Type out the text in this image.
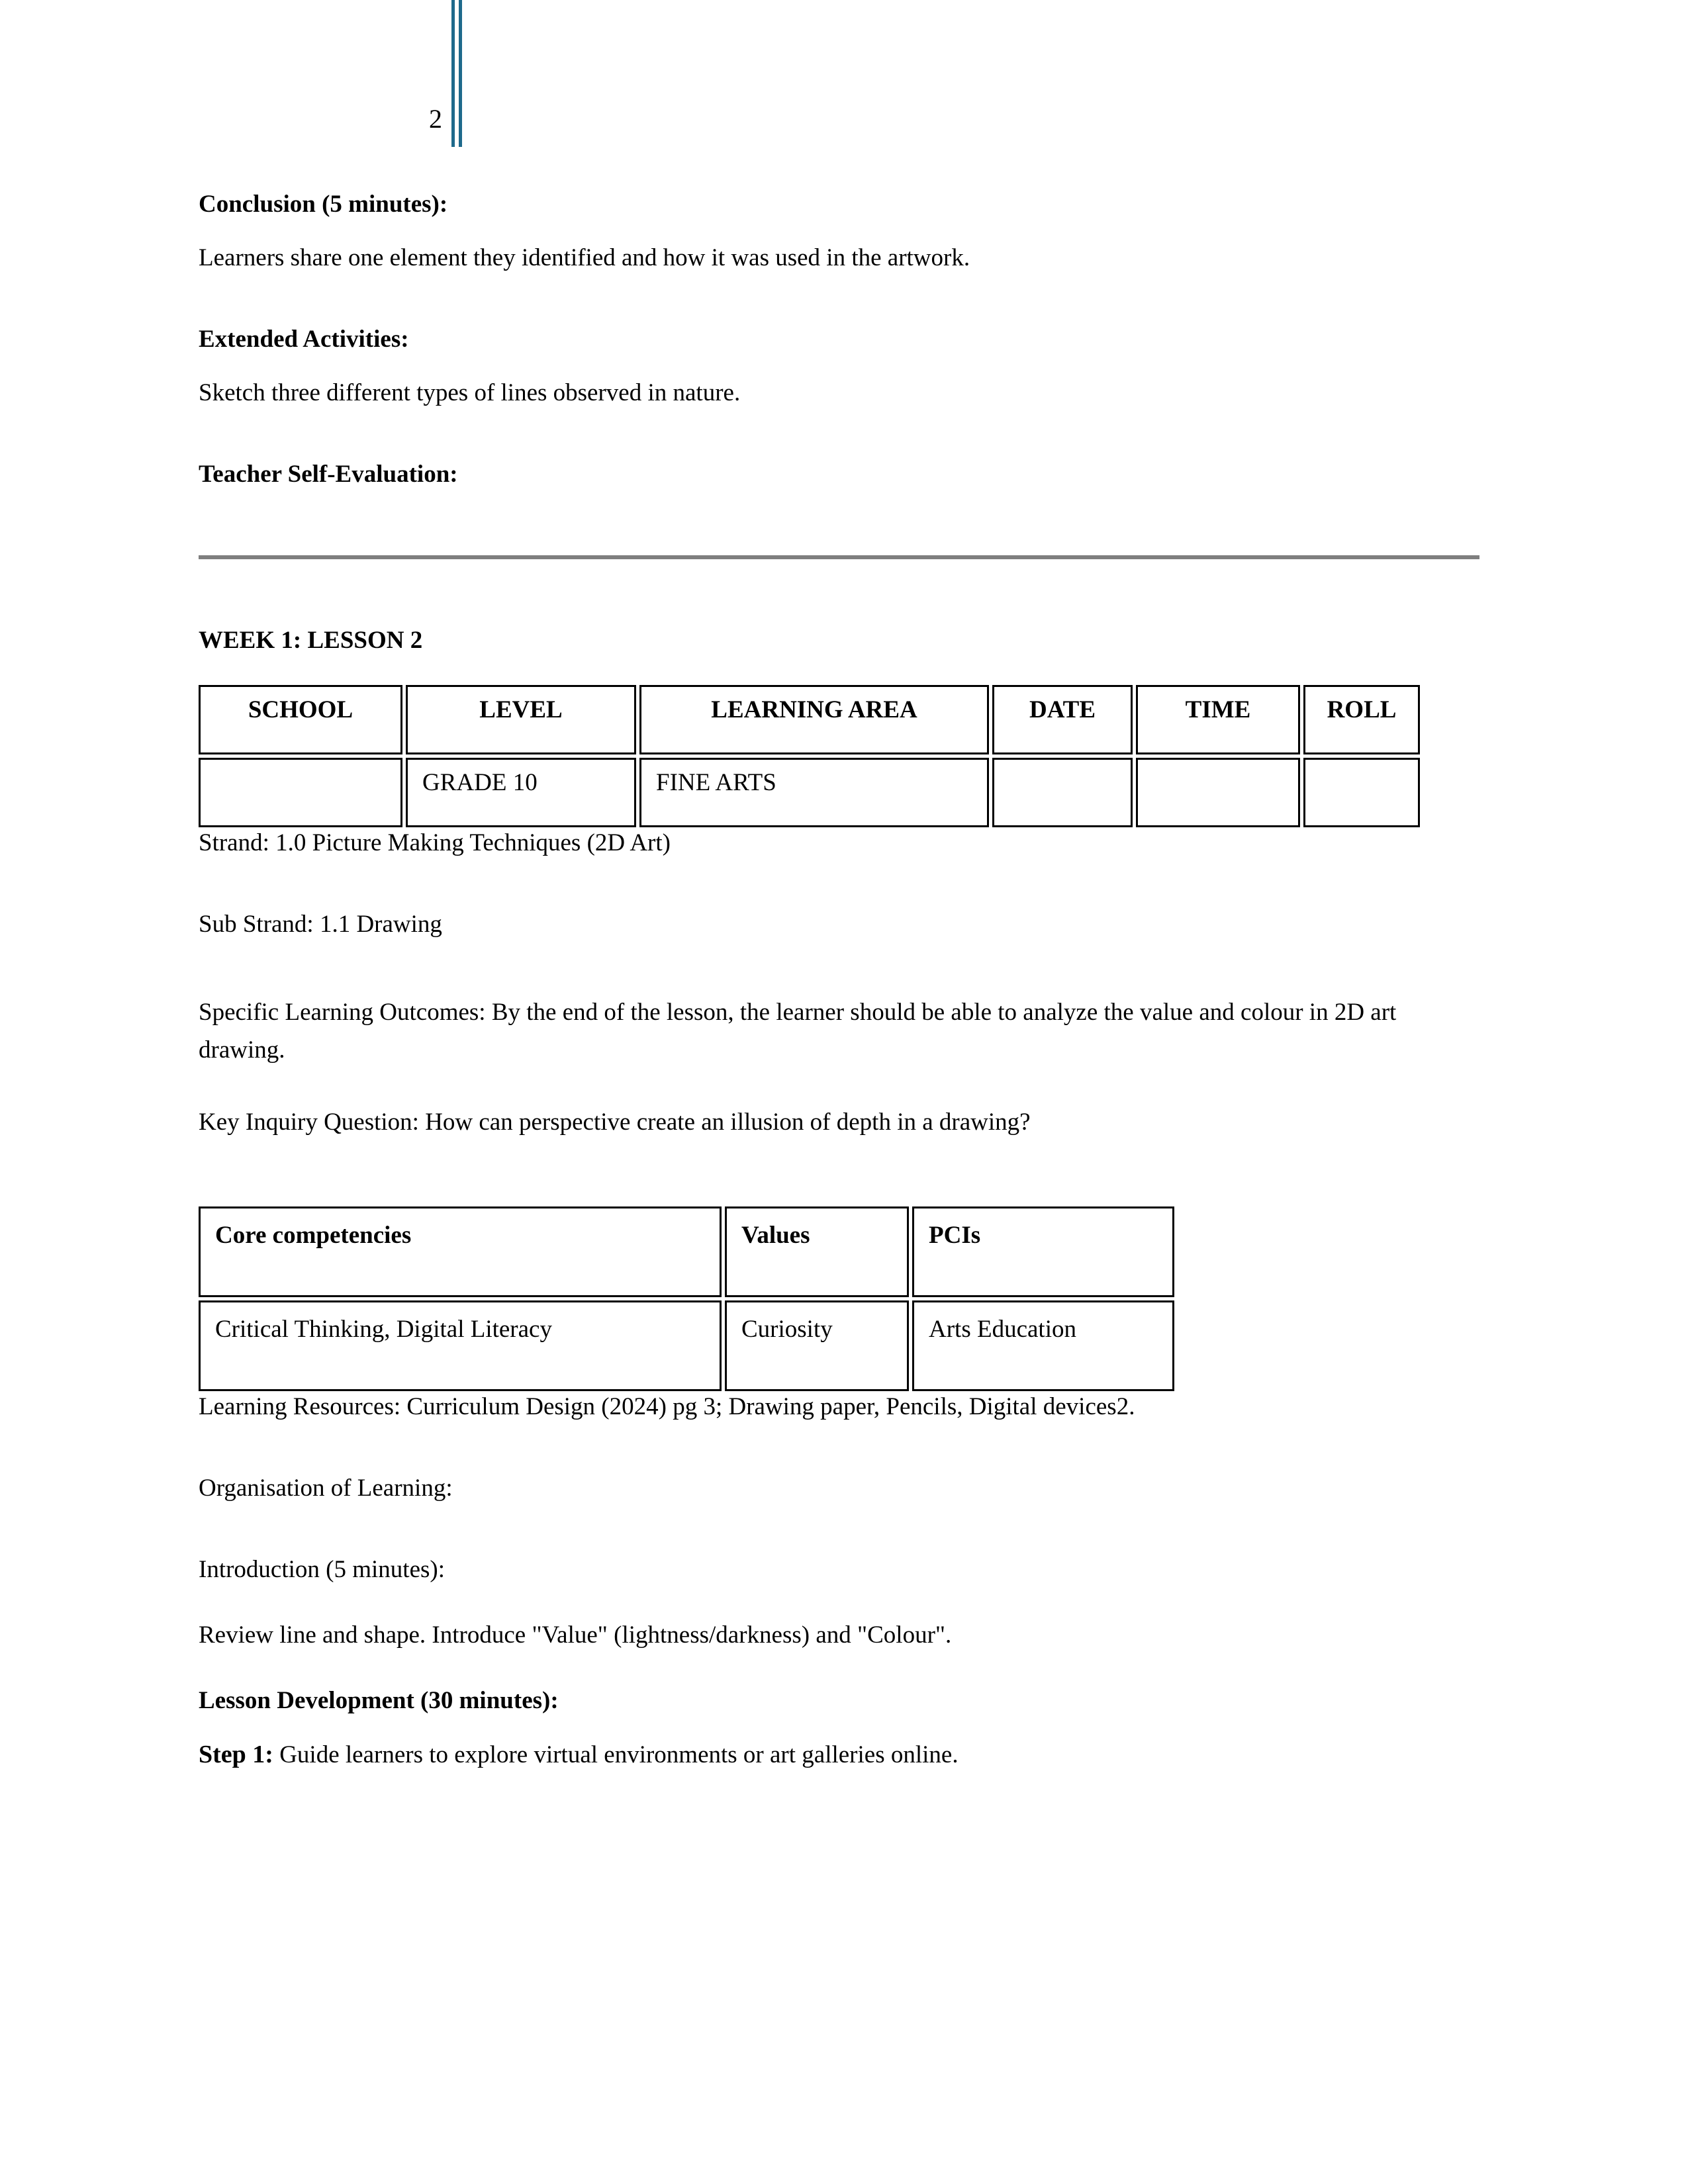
2

Conclusion (5 minutes):

Learners share one element they identified and how it was used in the artwork.

Extended Activities:

Sketch three different types of lines observed in nature.

Teacher Self-Evaluation:

WEEK 1: LESSON 2

SCHOOL	LEVEL	LEARNING AREA	DATE	TIME	ROLL
	GRADE 10	FINE ARTS			

Strand: 1.0 Picture Making Techniques (2D Art)

Sub Strand: 1.1 Drawing

Specific Learning Outcomes: By the end of the lesson, the learner should be able to analyze the value and colour in 2D art drawing.

Key Inquiry Question: How can perspective create an illusion of depth in a drawing?

Core competencies	Values	PCIs
Critical Thinking, Digital Literacy	Curiosity	Arts Education

Learning Resources: Curriculum Design (2024) pg 3; Drawing paper, Pencils, Digital devices2.

Organisation of Learning:

Introduction (5 minutes):

Review line and shape. Introduce "Value" (lightness/darkness) and "Colour".

Lesson Development (30 minutes):

Step 1: Guide learners to explore virtual environments or art galleries online.
